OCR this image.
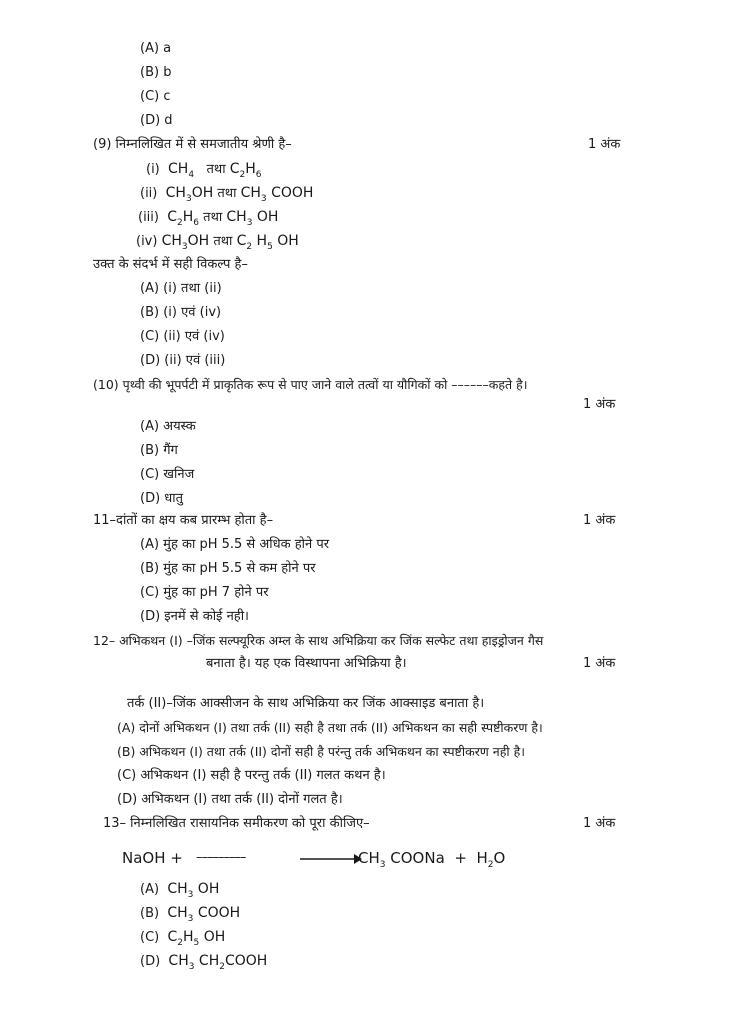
(A) a
(B) b
(C) c
(D) d
(9) निम्नलिखित में से समजातीय श्रेणी है–	1 अंक
(i) $CH_4$ तथा $C_2H_6$
(ii) $CH_3OH$ तथा $CH_3$ COOH
(iii) $C_2H_6$ तथा $CH_3$ OH
(iv) $CH_3OH$ तथा $C_2$ $H_5$ OH
उक्त के संदर्भ में सही विकल्प है–
(A) (i) तथा (ii)
(B) (i) एवं (iv)
(C) (ii) एवं (iv)
(D) (ii) एवं (iii)
(10) पृथ्वी की भूपर्पटी में प्राकृतिक रूप से पाए जाने वाले तत्वों या यौगिकों को ––––––कहते है।
1 अंक
(A) अयस्क
(B) गैंग
(C) खनिज
(D) धातु
11–दांतों का क्षय कब प्रारम्भ होता है–	1 अंक
(A) मुंह का pH 5.5 से अधिक होने पर
(B) मुंह का pH 5.5 से कम होने पर
(C) मुंह का pH 7 होने पर
(D) इनमें से कोई नही।
12– अभिकथन (I) –जिंक सल्फ्यूरिक अम्ल के साथ अभिक्रिया कर जिंक सल्फेट तथा हाइड्रोजन गैस
बनाता है। यह एक विस्थापना अभिक्रिया है।	1 अंक
तर्क (II)–जिंक आक्सीजन के साथ अभिक्रिया कर जिंक आक्साइड बनाता है।
(A) दोनों अभिकथन (I) तथा तर्क (II) सही है तथा तर्क (II) अभिकथन का सही स्पष्टीकरण है।
(B) अभिकथन (I) तथा तर्क (II) दोनों सही है परंन्तु तर्क अभिकथन का स्पष्टीकरण नही है।
(C) अभिकथन (I) सही है परन्तु तर्क (II) गलत कथन है।
(D) अभिकथन (I) तथा तर्क (II) दोनों गलत है।
13– निम्नलिखित रासायनिक समीकरण को पूरा कीजिए–	1 अंक
NaOH + –––––––––	$CH_3$ COONa + $H_2O$
(A) $CH_3$ OH
(B) $CH_3$ COOH
(C) $C_2H_5$ OH
(D) $CH_3$ $CH_2COOH$
